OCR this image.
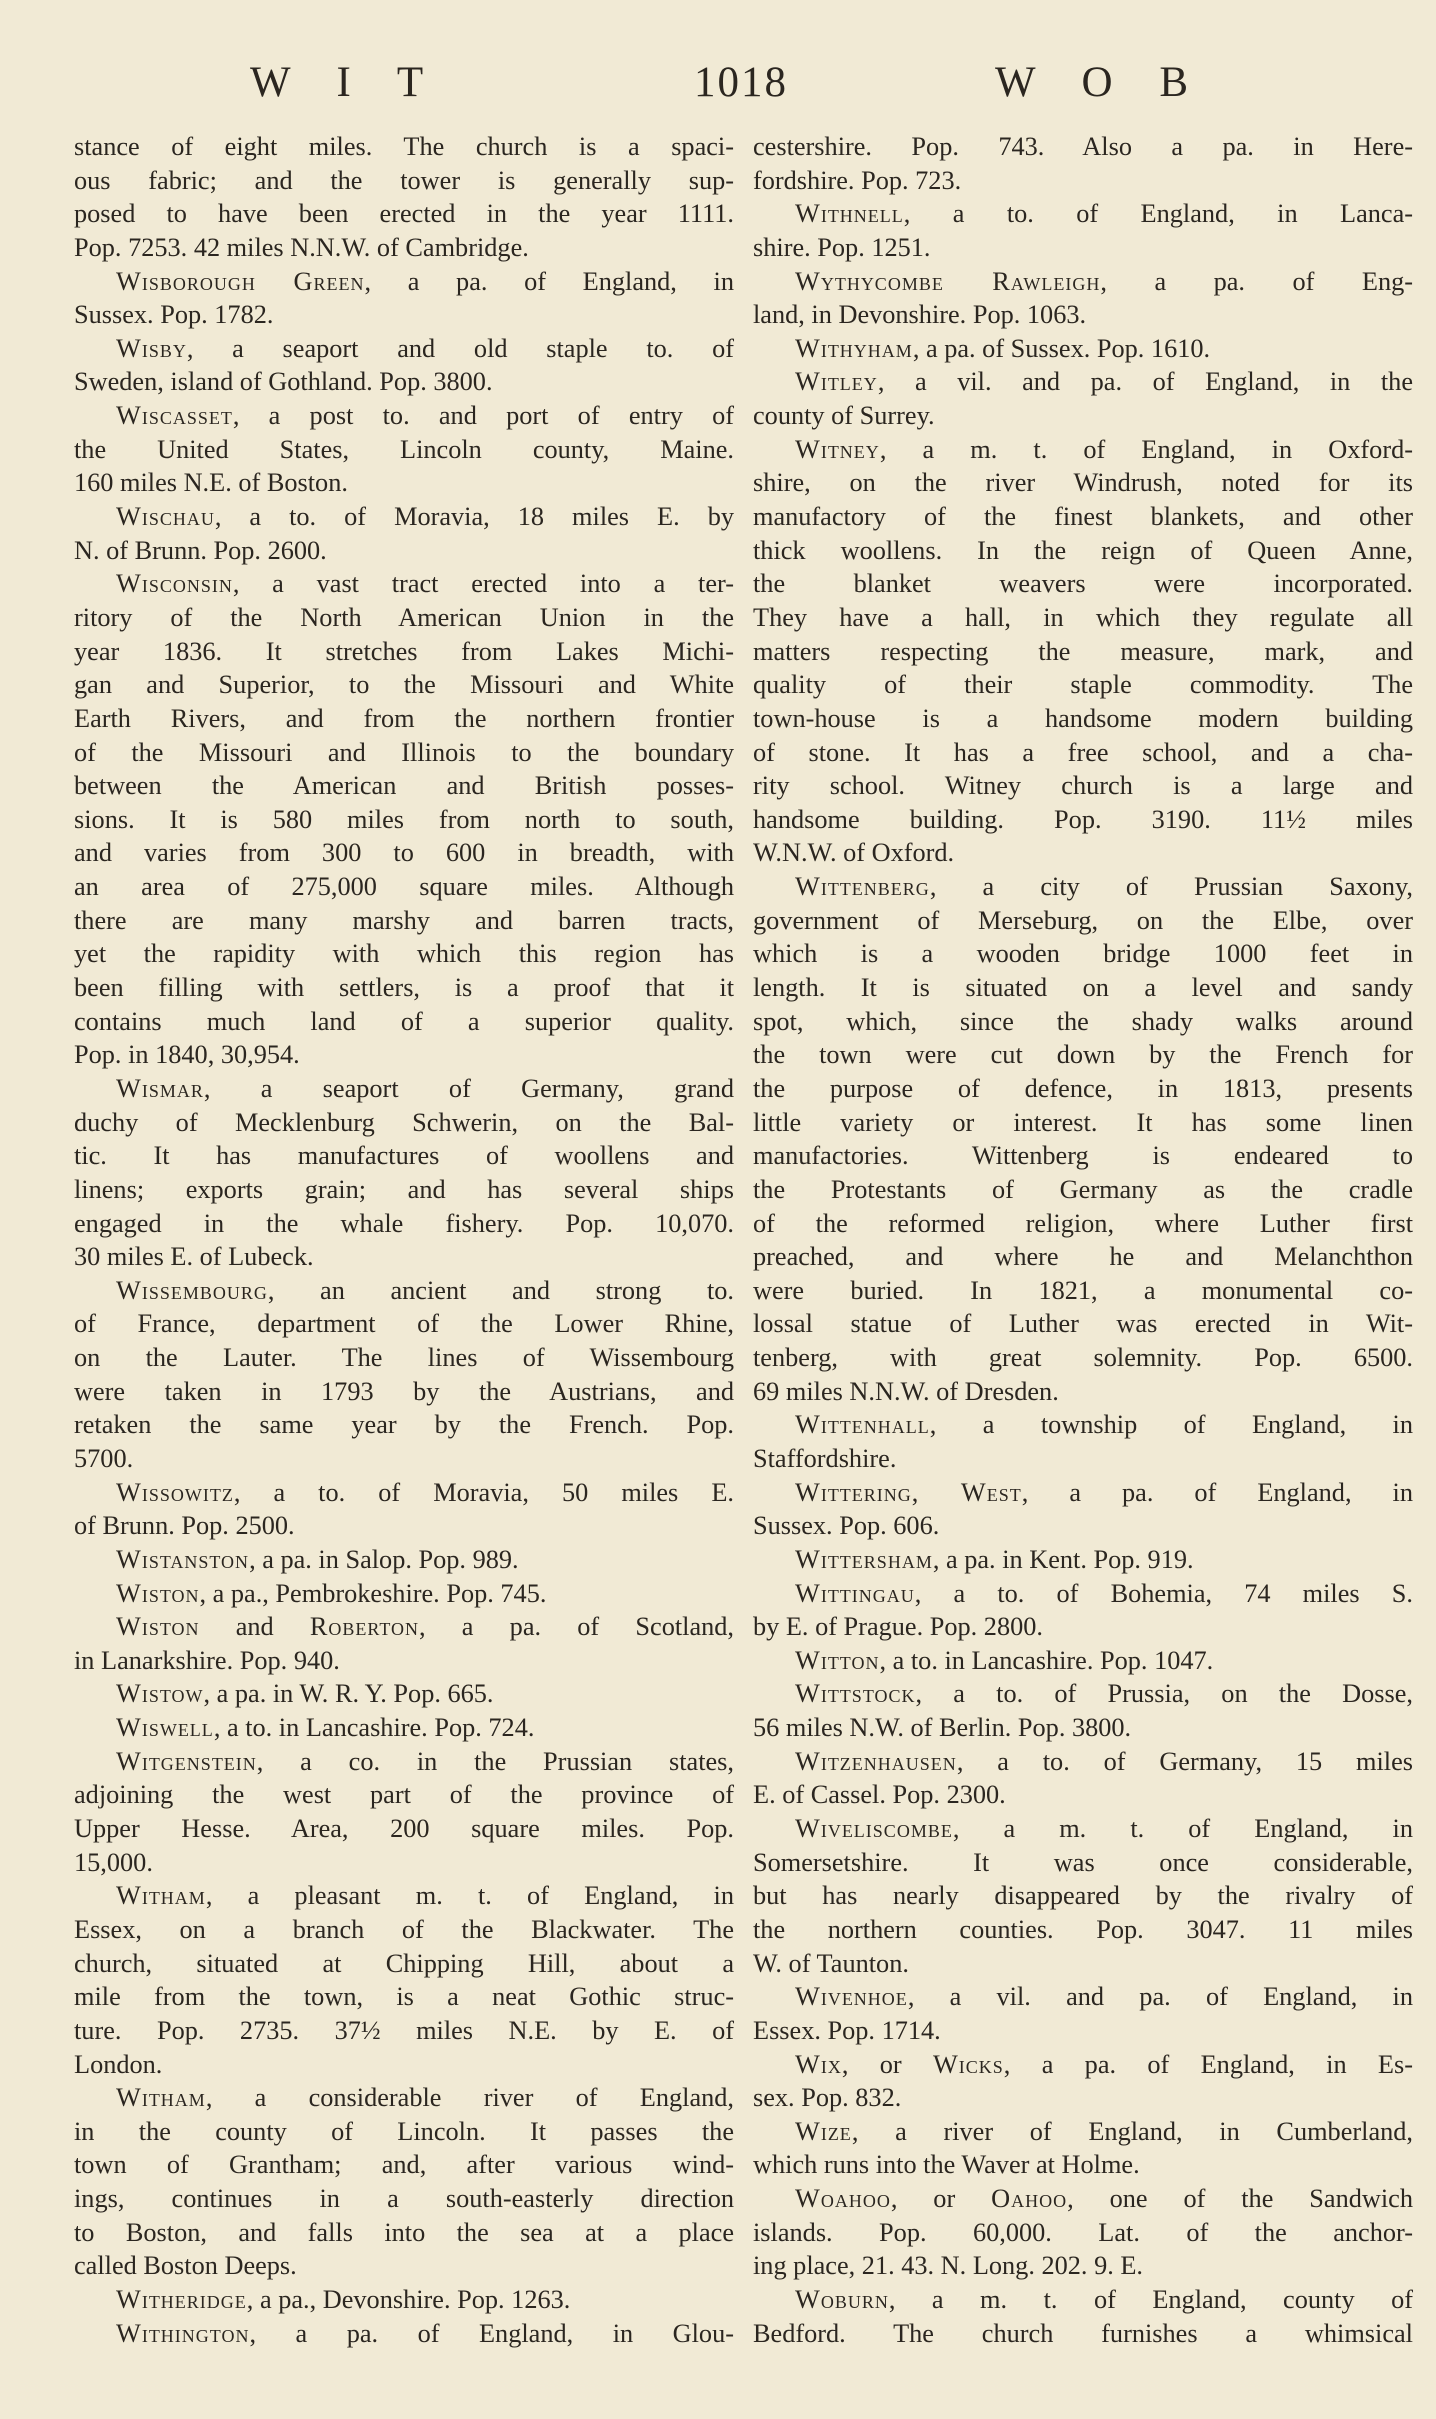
W I T	1018	W O B
stance of eight miles. The church is a spaci-
ous fabric; and the tower is generally sup-
posed to have been erected in the year 1111.
Pop. 7253. 42 miles N.N.W. of Cambridge.
Wisborough Green, a pa. of England, in
Sussex. Pop. 1782.
Wisby, a seaport and old staple to. of
Sweden, island of Gothland. Pop. 3800.
Wiscasset, a post to. and port of entry of
the United States, Lincoln county, Maine.
160 miles N.E. of Boston.
Wischau, a to. of Moravia, 18 miles E. by
N. of Brunn. Pop. 2600.
Wisconsin, a vast tract erected into a ter-
ritory of the North American Union in the
year 1836. It stretches from Lakes Michi-
gan and Superior, to the Missouri and White
Earth Rivers, and from the northern frontier
of the Missouri and Illinois to the boundary
between the American and British posses-
sions. It is 580 miles from north to south,
and varies from 300 to 600 in breadth, with
an area of 275,000 square miles. Although
there are many marshy and barren tracts,
yet the rapidity with which this region has
been filling with settlers, is a proof that it
contains much land of a superior quality.
Pop. in 1840, 30,954.
Wismar, a seaport of Germany, grand
duchy of Mecklenburg Schwerin, on the Bal-
tic. It has manufactures of woollens and
linens; exports grain; and has several ships
engaged in the whale fishery. Pop. 10,070.
30 miles E. of Lubeck.
Wissembourg, an ancient and strong to.
of France, department of the Lower Rhine,
on the Lauter. The lines of Wissembourg
were taken in 1793 by the Austrians, and
retaken the same year by the French. Pop.
5700.
Wissowitz, a to. of Moravia, 50 miles E.
of Brunn. Pop. 2500.
Wistanston, a pa. in Salop. Pop. 989.
Wiston, a pa., Pembrokeshire. Pop. 745.
Wiston and Roberton, a pa. of Scotland,
in Lanarkshire. Pop. 940.
Wistow, a pa. in W. R. Y. Pop. 665.
Wiswell, a to. in Lancashire. Pop. 724.
Witgenstein, a co. in the Prussian states,
adjoining the west part of the province of
Upper Hesse. Area, 200 square miles. Pop.
15,000.
Witham, a pleasant m. t. of England, in
Essex, on a branch of the Blackwater. The
church, situated at Chipping Hill, about a
mile from the town, is a neat Gothic struc-
ture. Pop. 2735. 37½ miles N.E. by E. of
London.
Witham, a considerable river of England,
in the county of Lincoln. It passes the
town of Grantham; and, after various wind-
ings, continues in a south-easterly direction
to Boston, and falls into the sea at a place
called Boston Deeps.
Witheridge, a pa., Devonshire. Pop. 1263.
Withington, a pa. of England, in Glou-
cestershire. Pop. 743. Also a pa. in Here-
fordshire. Pop. 723.
Withnell, a to. of England, in Lanca-
shire. Pop. 1251.
Wythycombe Rawleigh, a pa. of Eng-
land, in Devonshire. Pop. 1063.
Withyham, a pa. of Sussex. Pop. 1610.
Witley, a vil. and pa. of England, in the
county of Surrey.
Witney, a m. t. of England, in Oxford-
shire, on the river Windrush, noted for its
manufactory of the finest blankets, and other
thick woollens. In the reign of Queen Anne,
the blanket weavers were incorporated.
They have a hall, in which they regulate all
matters respecting the measure, mark, and
quality of their staple commodity. The
town-house is a handsome modern building
of stone. It has a free school, and a cha-
rity school. Witney church is a large and
handsome building. Pop. 3190. 11½ miles
W.N.W. of Oxford.
Wittenberg, a city of Prussian Saxony,
government of Merseburg, on the Elbe, over
which is a wooden bridge 1000 feet in
length. It is situated on a level and sandy
spot, which, since the shady walks around
the town were cut down by the French for
the purpose of defence, in 1813, presents
little variety or interest. It has some linen
manufactories. Wittenberg is endeared to
the Protestants of Germany as the cradle
of the reformed religion, where Luther first
preached, and where he and Melanchthon
were buried. In 1821, a monumental co-
lossal statue of Luther was erected in Wit-
tenberg, with great solemnity. Pop. 6500.
69 miles N.N.W. of Dresden.
Wittenhall, a township of England, in
Staffordshire.
Wittering, West, a pa. of England, in
Sussex. Pop. 606.
Wittersham, a pa. in Kent. Pop. 919.
Wittingau, a to. of Bohemia, 74 miles S.
by E. of Prague. Pop. 2800.
Witton, a to. in Lancashire. Pop. 1047.
Wittstock, a to. of Prussia, on the Dosse,
56 miles N.W. of Berlin. Pop. 3800.
Witzenhausen, a to. of Germany, 15 miles
E. of Cassel. Pop. 2300.
Wiveliscombe, a m. t. of England, in
Somersetshire. It was once considerable,
but has nearly disappeared by the rivalry of
the northern counties. Pop. 3047. 11 miles
W. of Taunton.
Wivenhoe, a vil. and pa. of England, in
Essex. Pop. 1714.
Wix, or Wicks, a pa. of England, in Es-
sex. Pop. 832.
Wize, a river of England, in Cumberland,
which runs into the Waver at Holme.
Woahoo, or Oahoo, one of the Sandwich
islands. Pop. 60,000. Lat. of the anchor-
ing place, 21. 43. N. Long. 202. 9. E.
Woburn, a m. t. of England, county of
Bedford. The church furnishes a whimsical
